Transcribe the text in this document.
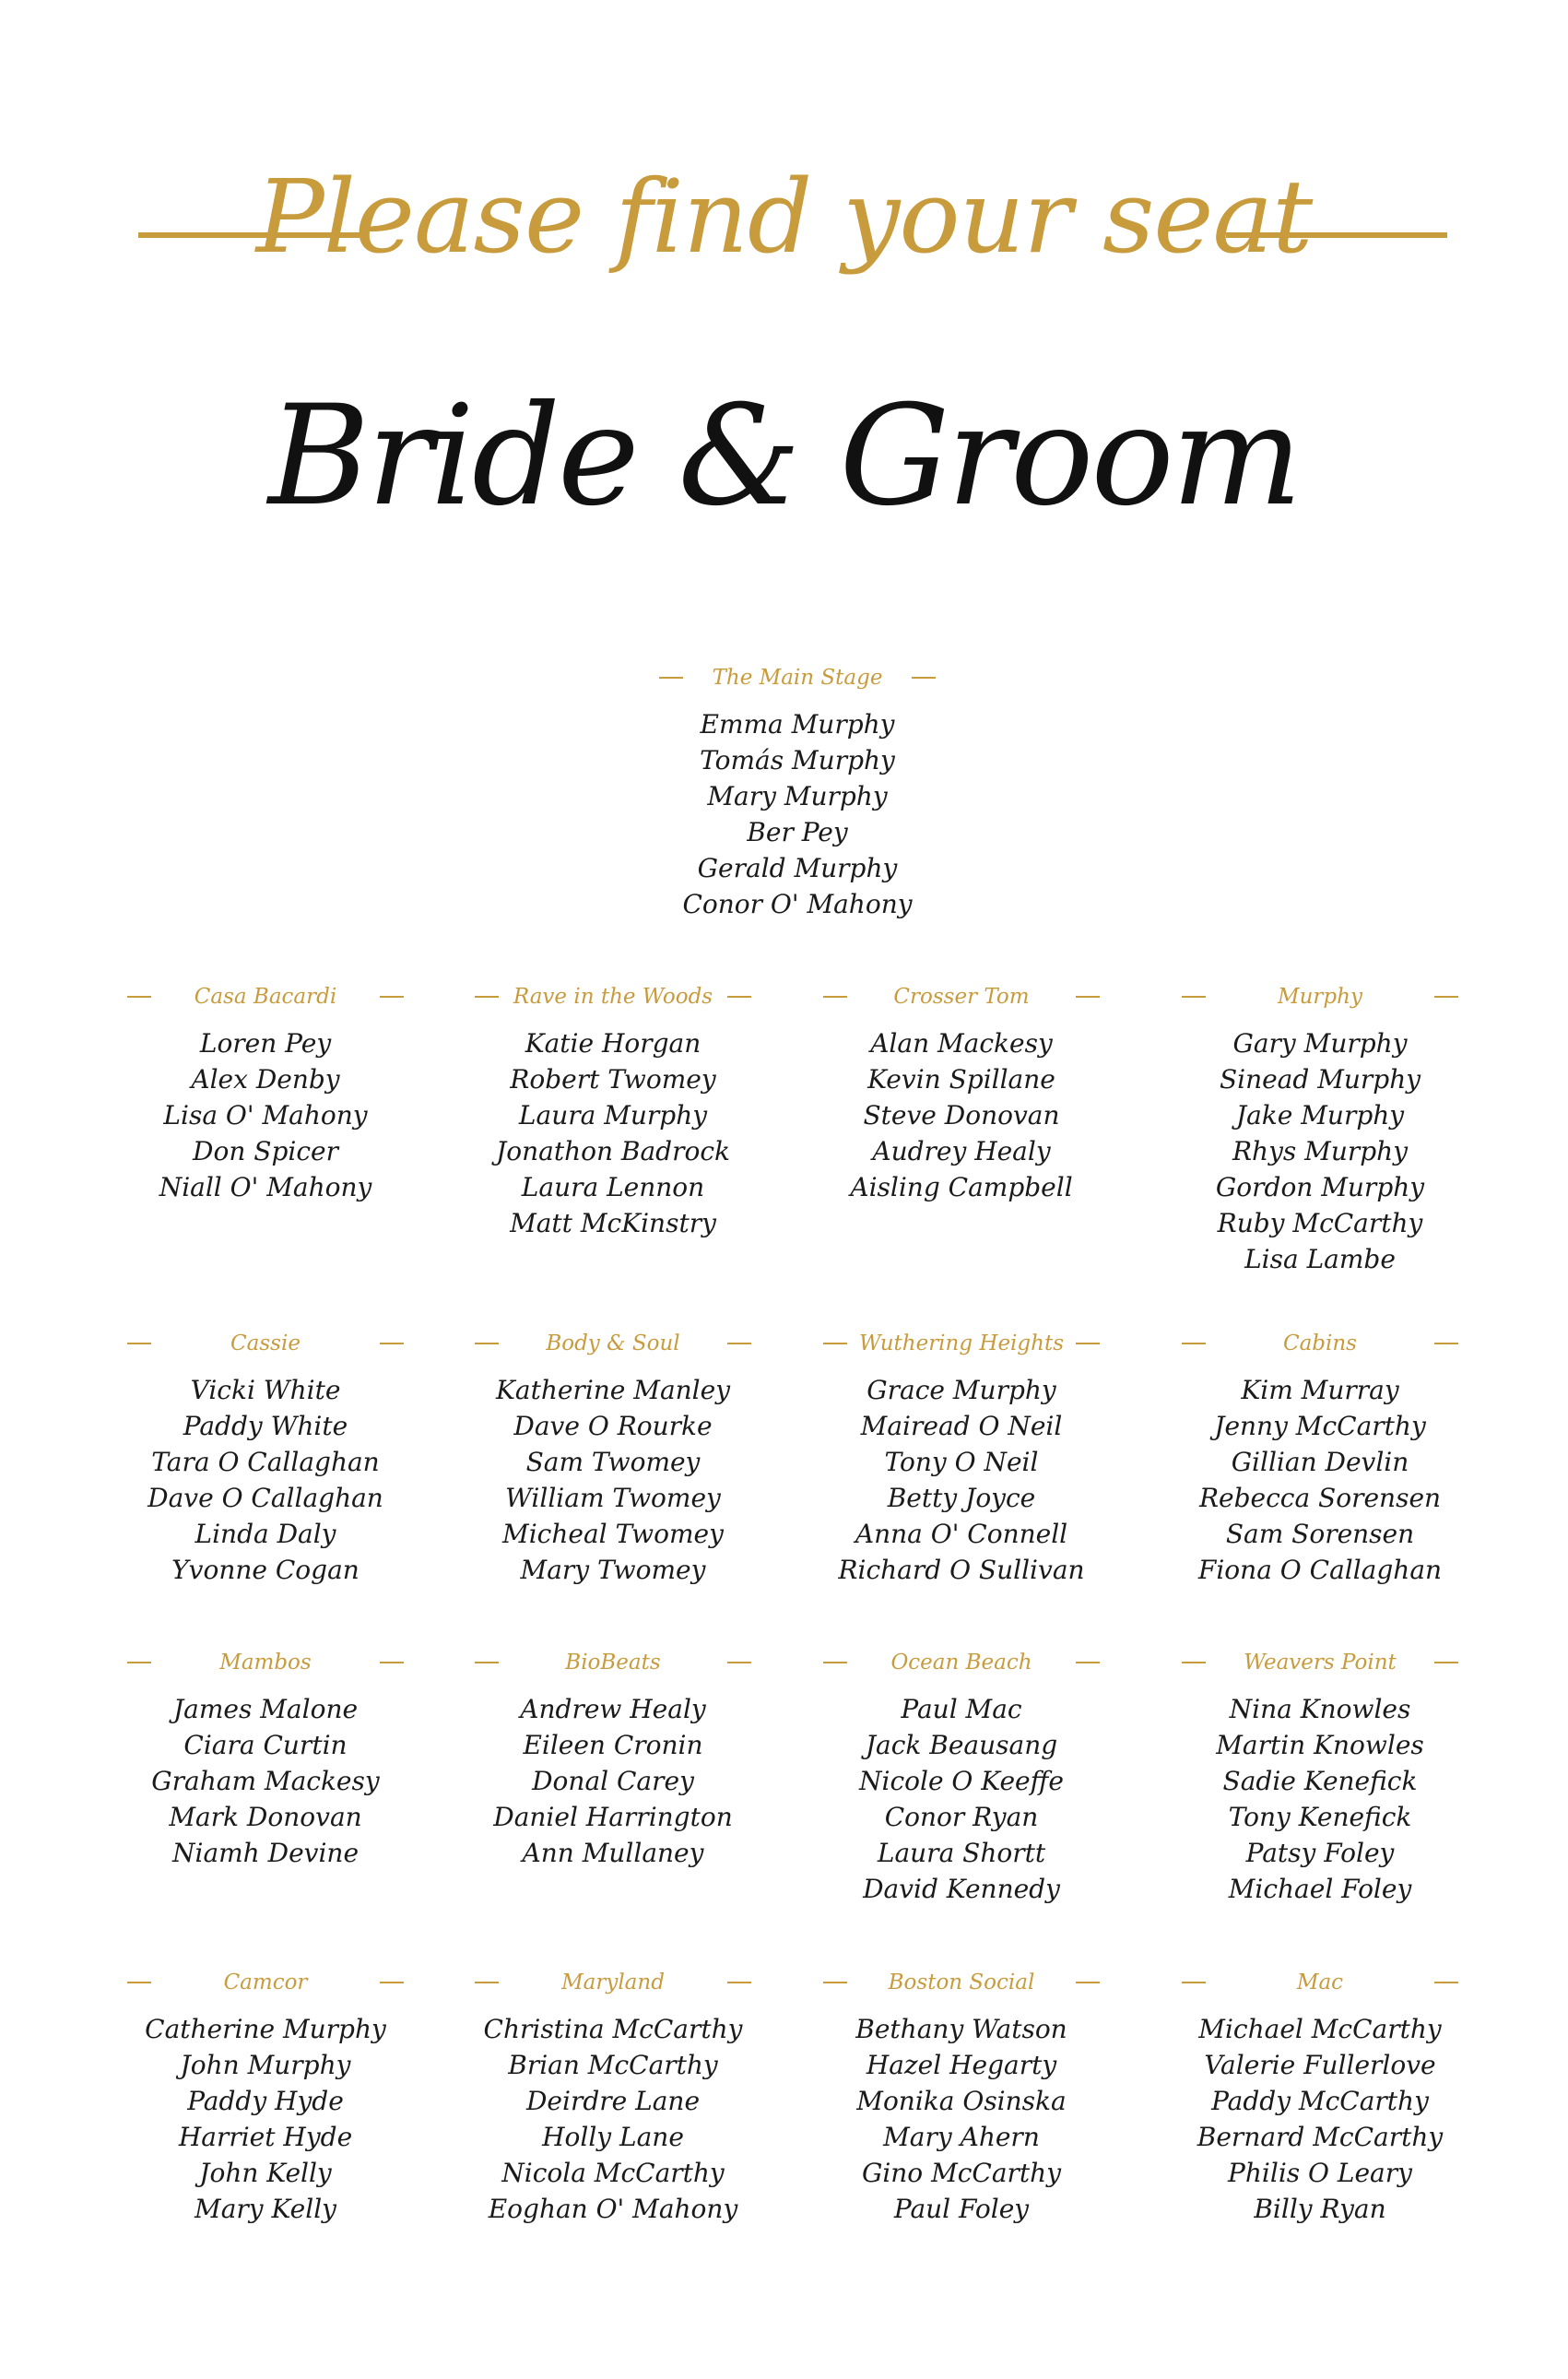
Please find your seat
Bride & Groom
The Main Stage
Emma Murphy
Tomás Murphy
Mary Murphy
Ber Pey
Gerald Murphy
Conor O' Mahony
Casa Bacardi
Loren Pey
Alex Denby
Lisa O' Mahony
Don Spicer
Niall O' Mahony
Rave in the Woods
Katie Horgan
Robert Twomey
Laura Murphy
Jonathon Badrock
Laura Lennon
Matt McKinstry
Crosser Tom
Alan Mackesy
Kevin Spillane
Steve Donovan
Audrey Healy
Aisling Campbell
Murphy
Gary Murphy
Sinead Murphy
Jake Murphy
Rhys Murphy
Gordon Murphy
Ruby McCarthy
Lisa Lambe
Cassie
Vicki White
Paddy White
Tara O Callaghan
Dave O Callaghan
Linda Daly
Yvonne Cogan
Body & Soul
Katherine Manley
Dave O Rourke
Sam Twomey
William Twomey
Micheal Twomey
Mary Twomey
Wuthering Heights
Grace Murphy
Mairead O Neil
Tony O Neil
Betty Joyce
Anna O' Connell
Richard O Sullivan
Cabins
Kim Murray
Jenny McCarthy
Gillian Devlin
Rebecca Sorensen
Sam Sorensen
Fiona O Callaghan
Mambos
James Malone
Ciara Curtin
Graham Mackesy
Mark Donovan
Niamh Devine
BioBeats
Andrew Healy
Eileen Cronin
Donal Carey
Daniel Harrington
Ann Mullaney
Ocean Beach
Paul Mac
Jack Beausang
Nicole O Keeffe
Conor Ryan
Laura Shortt
David Kennedy
Weavers Point
Nina Knowles
Martin Knowles
Sadie Kenefick
Tony Kenefick
Patsy Foley
Michael Foley
Camcor
Catherine Murphy
John Murphy
Paddy Hyde
Harriet Hyde
John Kelly
Mary Kelly
Maryland
Christina McCarthy
Brian McCarthy
Deirdre Lane
Holly Lane
Nicola McCarthy
Eoghan O' Mahony
Boston Social
Bethany Watson
Hazel Hegarty
Monika Osinska
Mary Ahern
Gino McCarthy
Paul Foley
Mac
Michael McCarthy
Valerie Fullerlove
Paddy McCarthy
Bernard McCarthy
Philis O Leary
Billy Ryan
